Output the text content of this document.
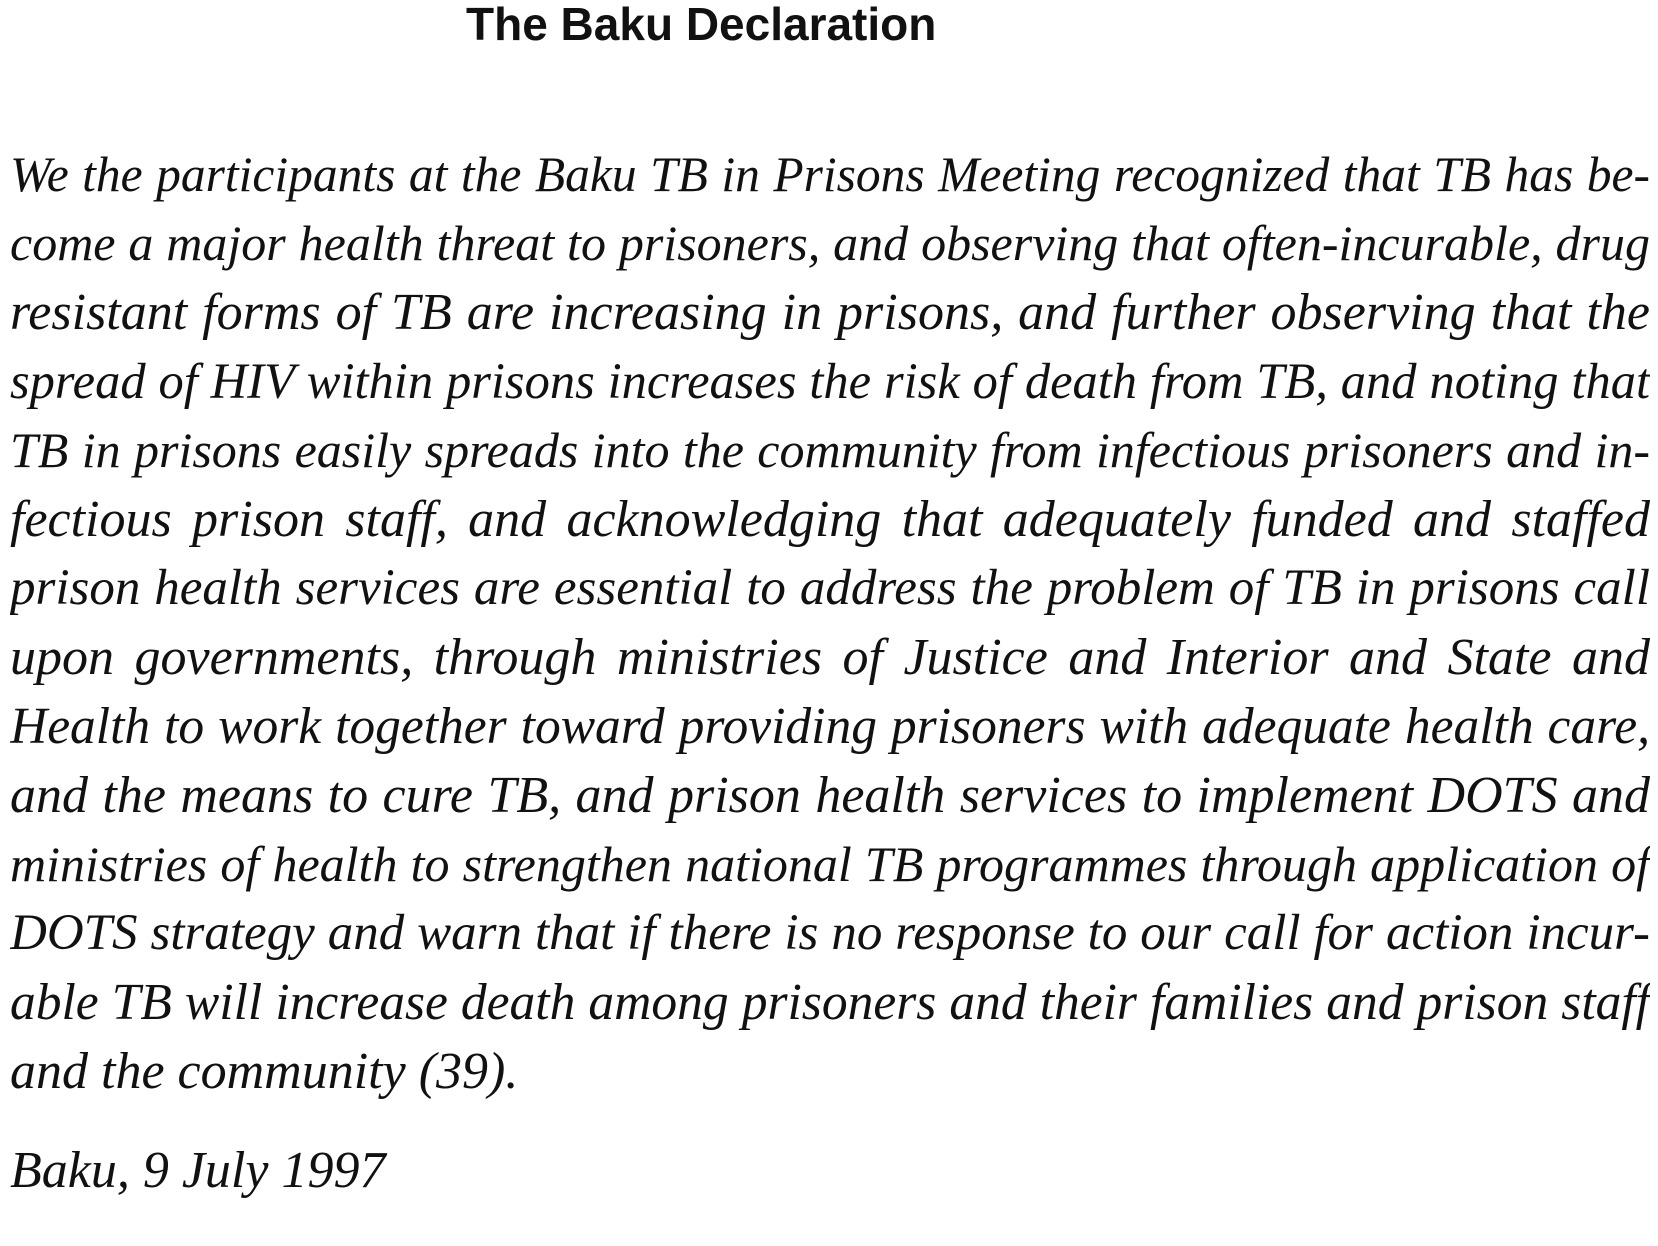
The Baku Declaration
We the participants at the Baku TB in Prisons Meeting recognized that TB has be-
come a major health threat to prisoners, and observing that often-incurable, drug
resistant forms of TB are increasing in prisons, and further observing that the
spread of HIV within prisons increases the risk of death from TB, and noting that
TB in prisons easily spreads into the community from infectious prisoners and in-
fectious prison staff, and acknowledging that adequately funded and staffed
prison health services are essential to address the problem of TB in prisons call
upon governments, through ministries of Justice and Interior and State and
Health to work together toward providing prisoners with adequate health care,
and the means to cure TB, and prison health services to implement DOTS and
ministries of health to strengthen national TB programmes through application of
DOTS strategy and warn that if there is no response to our call for action incur-
able TB will increase death among prisoners and their families and prison staff
and the community (39).

Baku, 9 July 1997
